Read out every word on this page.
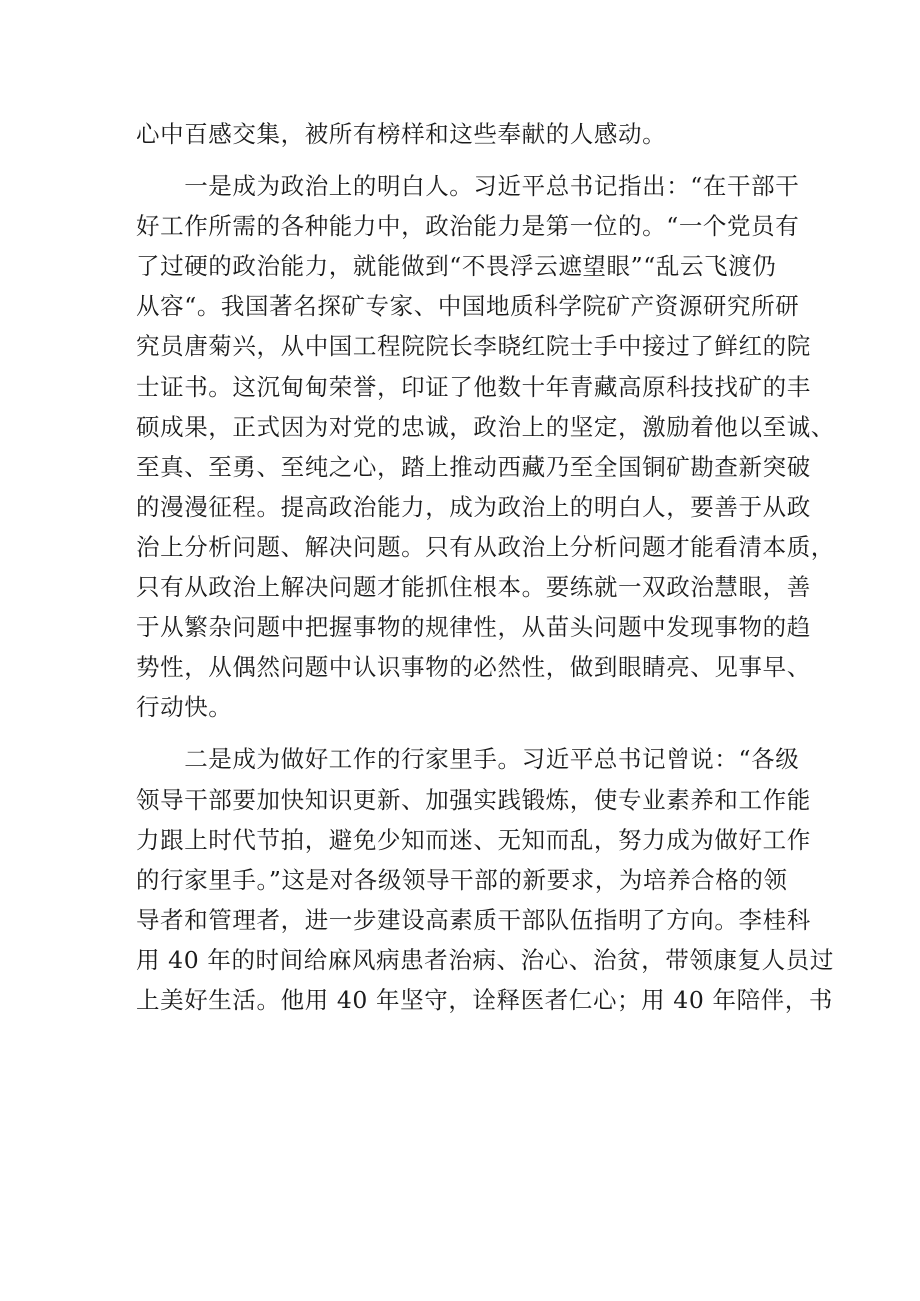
心中百感交集，被所有榜样和这些奉献的人感动。
　　一是成为政治上的明白人。习近平总书记指出：“在干部干
好工作所需的各种能力中，政治能力是第一位的。“一个党员有
了过硬的政治能力，就能做到“不畏浮云遮望眼”“乱云飞渡仍
从容“。我国著名探矿专家、中国地质科学院矿产资源研究所研
究员唐菊兴，从中国工程院院长李晓红院士手中接过了鲜红的院
士证书。这沉甸甸荣誉，印证了他数十年青藏高原科技找矿的丰
硕成果，正式因为对党的忠诚，政治上的坚定，激励着他以至诚、
至真、至勇、至纯之心，踏上推动西藏乃至全国铜矿勘查新突破
的漫漫征程。提高政治能力，成为政治上的明白人，要善于从政
治上分析问题、解决问题。只有从政治上分析问题才能看清本质，
只有从政治上解决问题才能抓住根本。要练就一双政治慧眼，善
于从繁杂问题中把握事物的规律性，从苗头问题中发现事物的趋
势性，从偶然问题中认识事物的必然性，做到眼睛亮、见事早、
行动快。
　　二是成为做好工作的行家里手。习近平总书记曾说：“各级
领导干部要加快知识更新、加强实践锻炼，使专业素养和工作能
力跟上时代节拍，避免少知而迷、无知而乱，努力成为做好工作
的行家里手。”这是对各级领导干部的新要求，为培养合格的领
导者和管理者，进一步建设高素质干部队伍指明了方向。李桂科
用 40 年的时间给麻风病患者治病、治心、治贫，带领康复人员过
上美好生活。他用 40 年坚守，诠释医者仁心；用 40 年陪伴，书
